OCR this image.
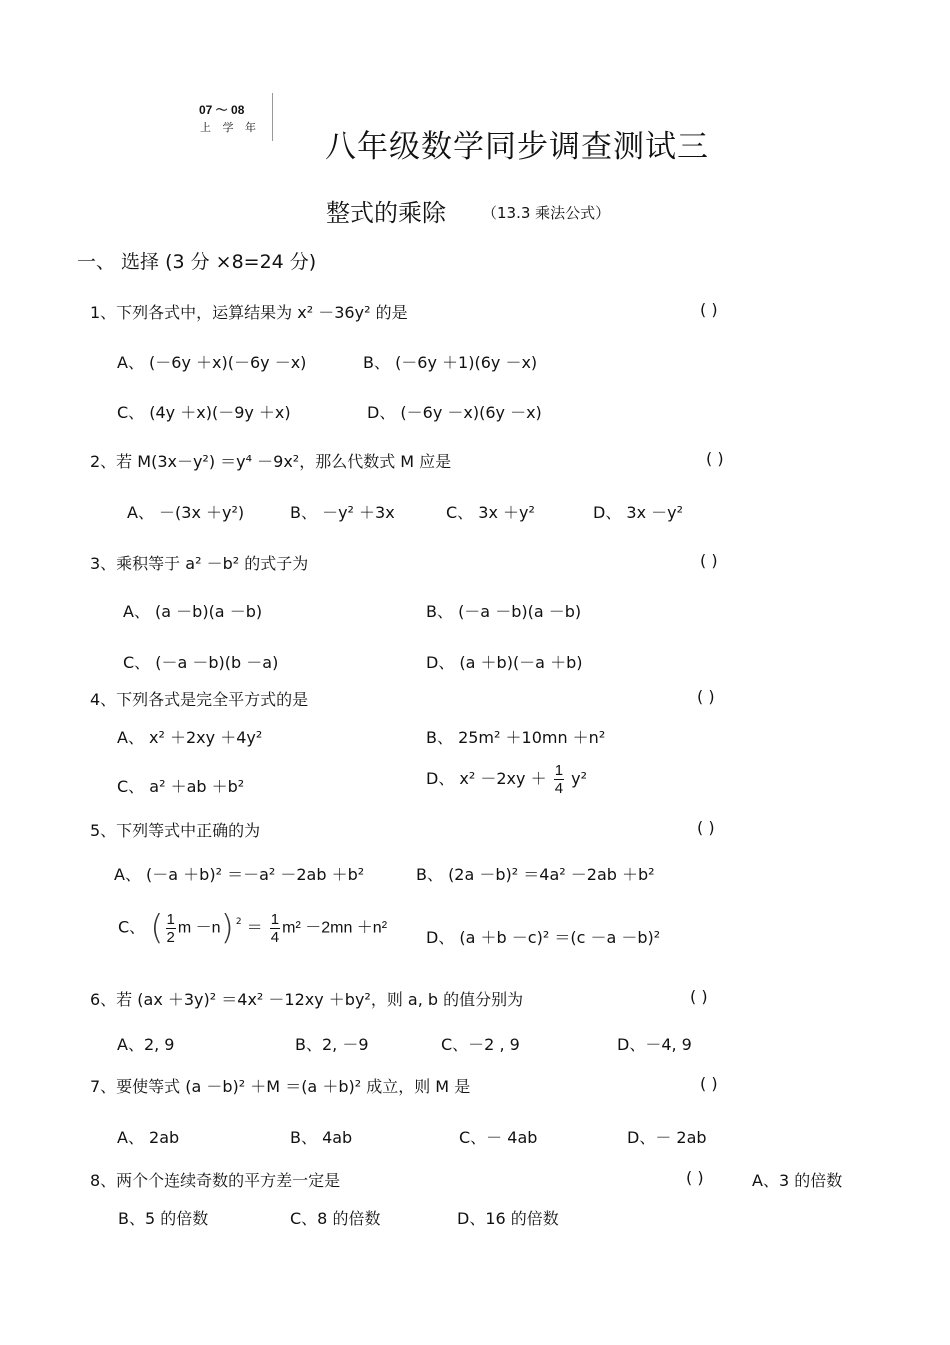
07 ～ 08
上 学 年
八年级数学同步调查测试三
整式的乘除 （13.3 乘法公式）
一、 选择 (3 分 ×8=24 分)
1、下列各式中，运算结果为 x² －36y² 的是	( )
A、 (－6y ＋x)(－6y －x)	B、 (－6y ＋1)(6y －x)
C、 (4y ＋x)(－9y ＋x)	D、 (－6y －x)(6y －x)
2、若 M(3x－y²) ＝y⁴ －9x²，那么代数式 M 应是	( )
A、 －(3x ＋y²)	B、 －y² ＋3x	C、 3x ＋y²	D、 3x －y²
3、乘积等于 a² －b² 的式子为	( )
A、 (a －b)(a －b)	B、 (－a －b)(a －b)
C、 (－a －b)(b －a)	D、 (a ＋b)(－a ＋b)
4、下列各式是完全平方式的是	( )
A、 x² ＋2xy ＋4y²	B、 25m² ＋10mn ＋n²
C、 a² ＋ab ＋b²	D、 $x^2 -2xy + \frac{1}{4} y^2$
5、下列等式中正确的为	( )
A、 (－a ＋b)² ＝－a² －2ab ＋b²	B、 (2a －b)² ＝4a² －2ab ＋b²
C、 ( $\frac{1}{2}$ m －n) $^2 = \frac{1}{4} m^2 -2mn +n^2$ D、 (a ＋b －c)² ＝(c －a －b)²
6、若 (ax ＋3y)² ＝4x² －12xy ＋by²，则 a, b 的值分别为	( )
A、2, 9	B、2, －9	C、－2 , 9	D、－4, 9
7、要使等式 (a －b)² ＋M ＝(a ＋b)² 成立，则 M 是	( )
A、 2ab	B、 4ab	C、－ 4ab	D、－ 2ab
8、两个个连续奇数的平方差一定是	( )	A、3 的倍数
B、5 的倍数	C、8 的倍数	D、16 的倍数
